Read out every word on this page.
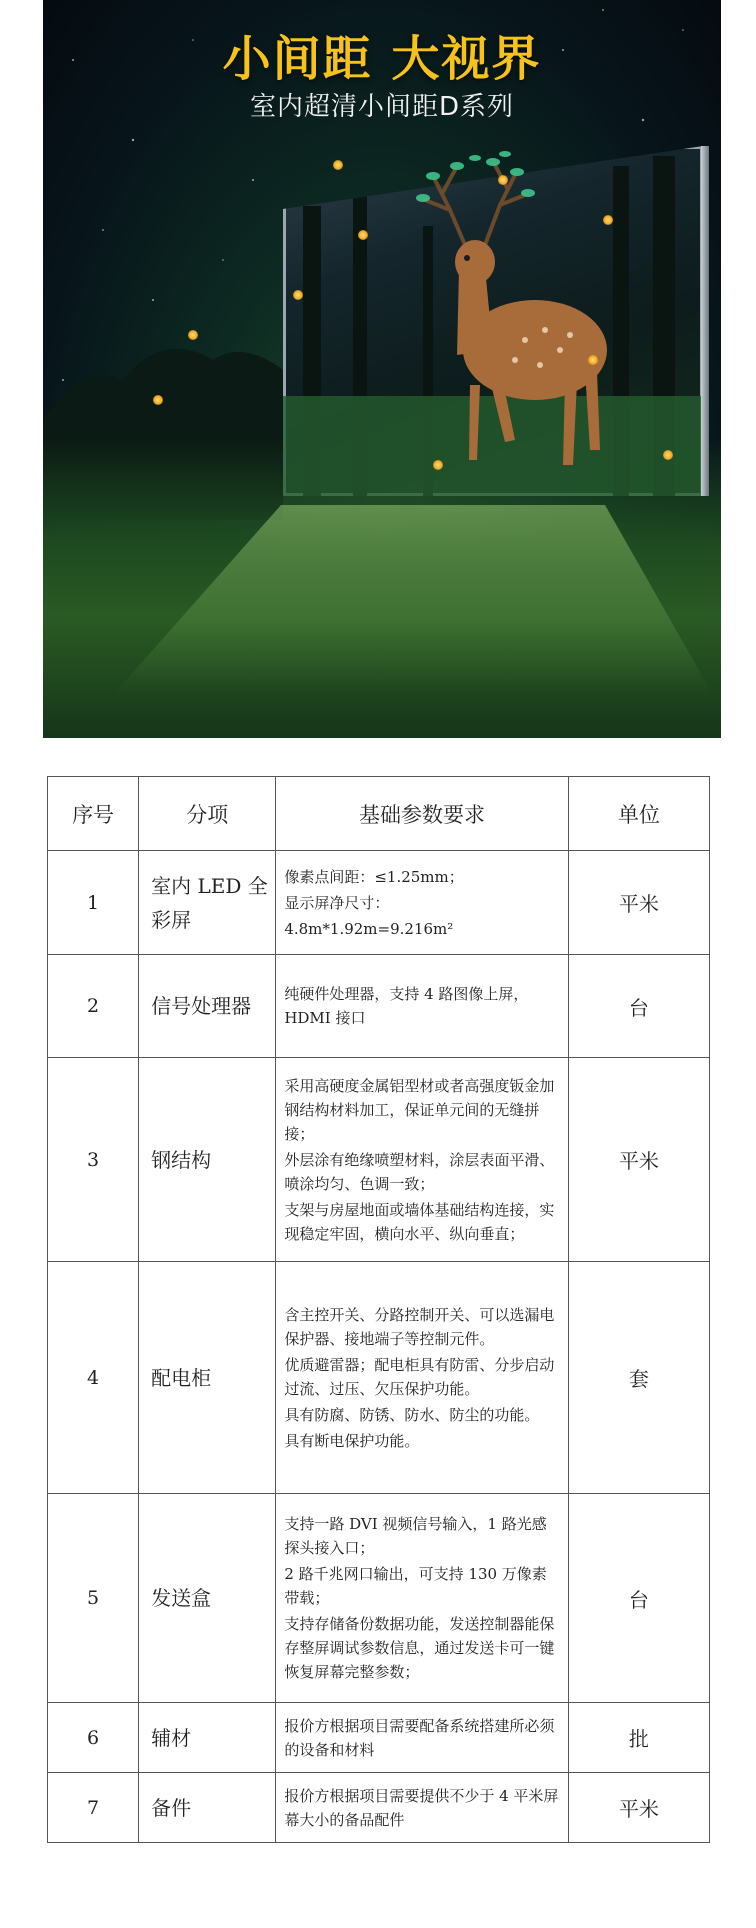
小间距 大视界
室内超清小间距D系列
序号	分项	基础参数要求	单位
1	室内 LED 全彩屏	像素点间距：≤1.25mm；

显示屏净尺寸：

4.8m*1.92m=9.216m²	平米
2	信号处理器	纯硬件处理器，支持 4 路图像上屏，HDMI 接口	台
3	钢结构	采用高硬度金属铝型材或者高强度钣金加钢结构材料加工，保证单元间的无缝拼接；

外层涂有绝缘喷塑材料，涂层表面平滑、喷涂均匀、色调一致；

支架与房屋地面或墙体基础结构连接，实现稳定牢固，横向水平、纵向垂直；	平米
4	配电柜	含主控开关、分路控制开关、可以选漏电保护器、接地端子等控制元件。

优质避雷器；配电柜具有防雷、分步启动过流、过压、欠压保护功能。

具有防腐、防锈、防水、防尘的功能。

具有断电保护功能。	套
5	发送盒	支持一路 DVI 视频信号输入，1 路光感探头接入口；

2 路千兆网口输出，可支持 130 万像素带载；

支持存储备份数据功能，发送控制器能保存整屏调试参数信息，通过发送卡可一键恢复屏幕完整参数；	台
6	辅材	报价方根据项目需要配备系统搭建所必须的设备和材料	批
7	备件	报价方根据项目需要提供不少于 4 平米屏幕大小的备品配件	平米
